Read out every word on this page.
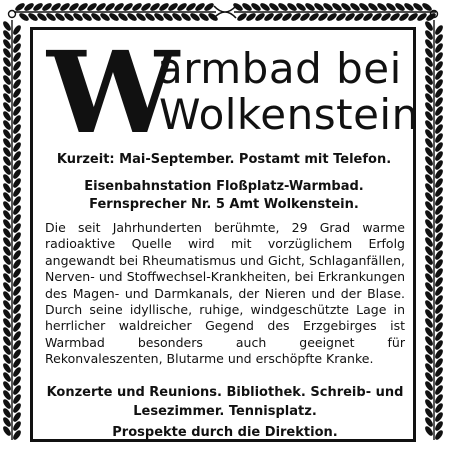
W
armbad bei
Wolkenstein
Kurzeit: Mai-September. Postamt mit Telefon.
Eisenbahnstation Floßplatz-Warmbad.
Fernsprecher Nr. 5 Amt Wolkenstein.
Die seit Jahrhunderten berühmte, 29 Grad warme radioaktive Quelle wird mit vorzüglichem Erfolg angewandt bei Rheumatismus und Gicht, Schlaganfällen, Nerven- und Stoffwechsel-Krankheiten, bei Erkrankungen des Magen- und Darmkanals, der Nieren und der Blase. Durch seine idyllische, ruhige, windgeschützte Lage in herrlicher waldreicher Gegend des Erzgebirges ist Warmbad besonders auch geeignet für Rekonvaleszenten, Blutarme und erschöpfte Kranke.
Konzerte und Reunions. Bibliothek. Schreib- und Lesezimmer. Tennisplatz.
Prospekte durch die Direktion.
